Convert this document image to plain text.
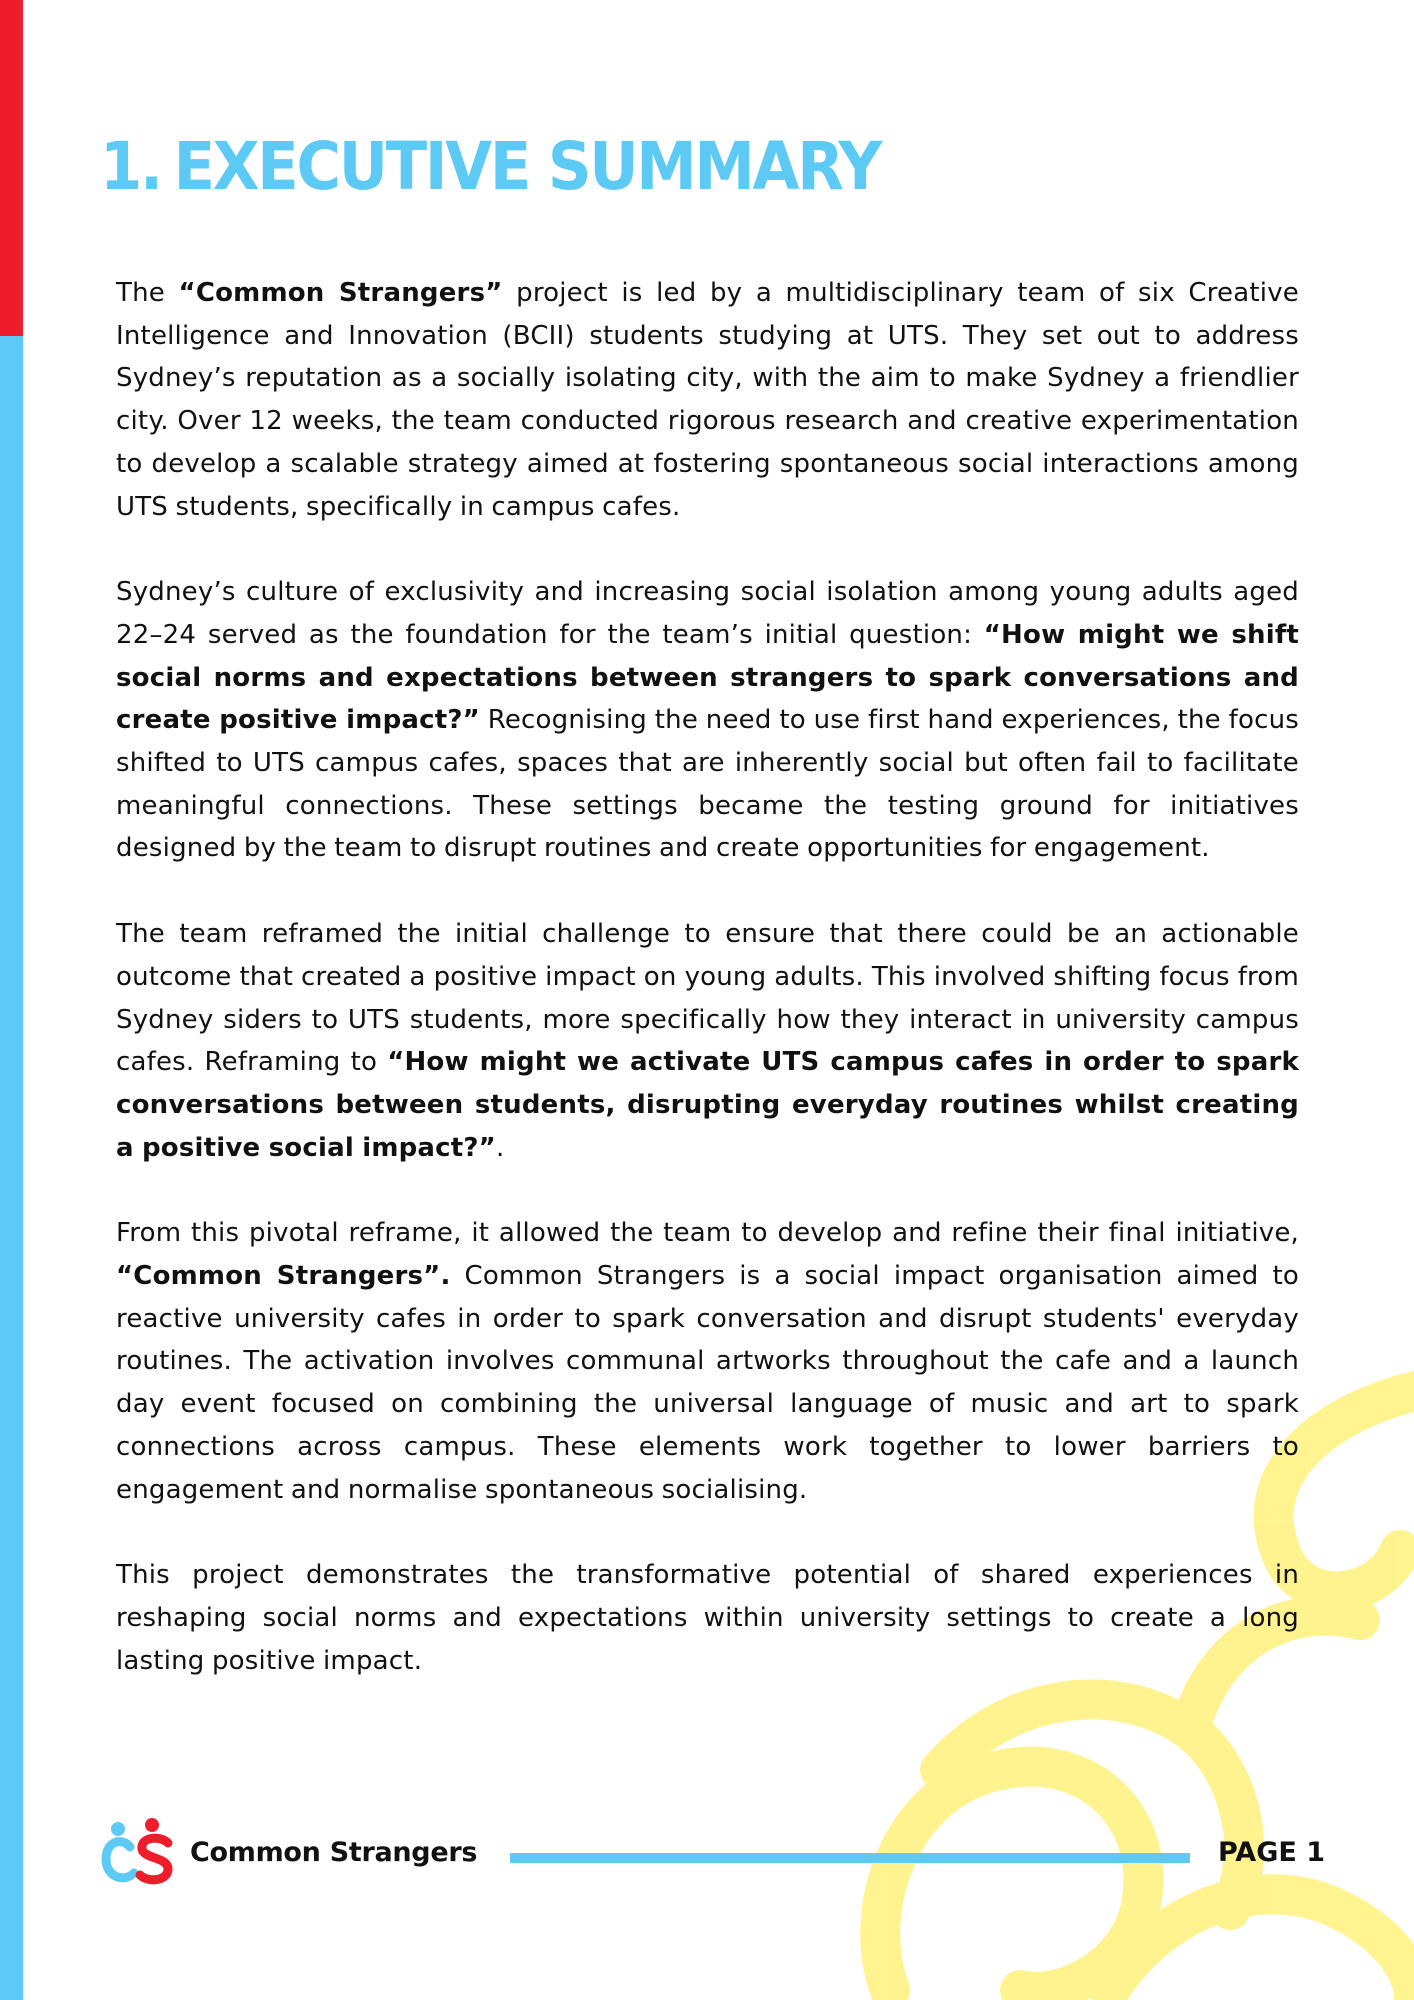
1. EXECUTIVE SUMMARY

The “Common Strangers” project is led by a multidisciplinary team of six Creative Intelligence and Innovation (BCII) students studying at UTS. They set out to address Sydney’s reputation as a socially isolating city, with the aim to make Sydney a friendlier city. Over 12 weeks, the team conducted rigorous research and creative experimentation to develop a scalable strategy aimed at fostering spontaneous social interactions among UTS students, specifically in campus cafes.

Sydney’s culture of exclusivity and increasing social isolation among young adults aged 22–24 served as the foundation for the team’s initial question: “How might we shift social norms and expectations between strangers to spark conversations and create positive impact?” Recognising the need to use first hand experiences, the focus shifted to UTS campus cafes, spaces that are inherently social but often fail to facilitate meaningful connections. These settings became the testing ground for initiatives designed by the team to disrupt routines and create opportunities for engagement.

The team reframed the initial challenge to ensure that there could be an actionable outcome that created a positive impact on young adults. This involved shifting focus from Sydney siders to UTS students, more specifically how they interact in university campus cafes. Reframing to “How might we activate UTS campus cafes in order to spark conversations between students, disrupting everyday routines whilst creating a positive social impact?”.

From this pivotal reframe, it allowed the team to develop and refine their final initiative, “Common Strangers”. Common Strangers is a social impact organisation aimed to reactive university cafes in order to spark conversation and disrupt students' everyday routines. The activation involves communal artworks throughout the cafe and a launch day event focused on combining the universal language of music and art to spark connections across campus. These elements work together to lower barriers to engagement and normalise spontaneous socialising.

This project demonstrates the transformative potential of shared experiences in reshaping social norms and expectations within university settings to create a long lasting positive impact.

Common Strangers	PAGE 1
